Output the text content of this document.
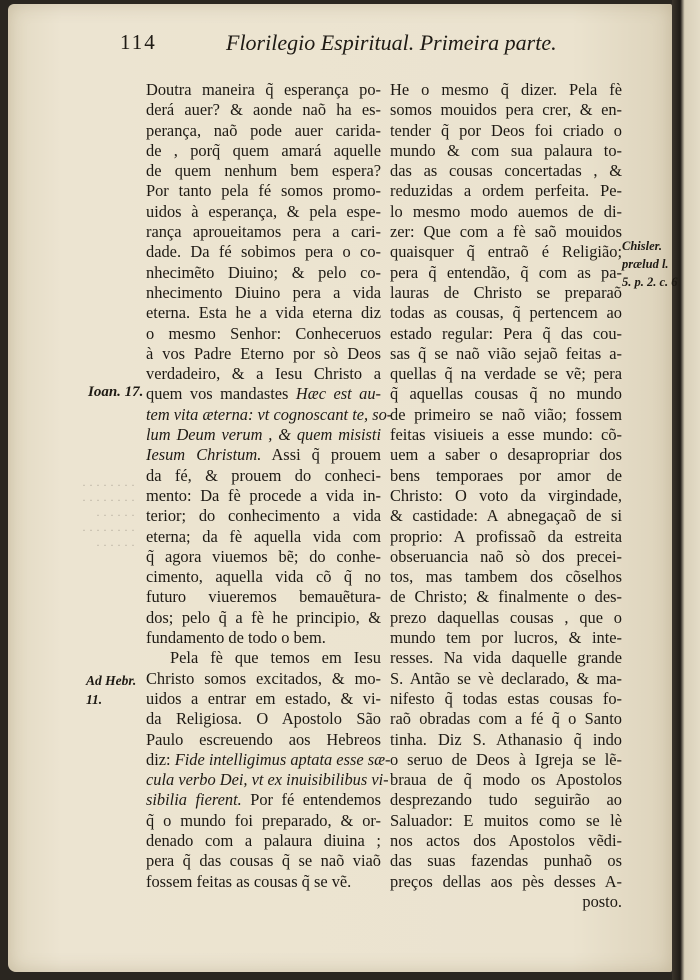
· · · · · · · ·
· · · · · · · ·
· · · · · ·
· · · · · · · ·
· · · · · ·
114	Florilegio Espiritual. Primeira parte.
Doutra maneira q̃ esperança po-
derá auer? & aonde naõ ha es-
perança, naõ pode auer carida-
de , porq̃ quem amará aquelle
de quem nenhum bem espera?
Por tanto pela fé somos promo-
uidos à esperança, & pela espe-
rança aproueitamos pera a cari-
dade. Da fé sobimos pera o co-
nhecimẽto Diuino; & pelo co-
nhecimento Diuino pera a vida
eterna. Esta he a vida eterna diz
o mesmo Senhor: Conheceruos
à vos Padre Eterno por sò Deos
verdadeiro, & a Iesu Christo a
quem vos mandastes Hæc est au-
tem vita æterna: vt cognoscant te, so-
lum Deum verum , & quem misisti
Iesum Christum. Assi q̃ prouem
da fé, & prouem do conheci-
mento: Da fè procede a vida in-
terior; do conhecimento a vida
eterna; da fè aquella vida com
q̃ agora viuemos bẽ; do conhe-
cimento, aquella vida cõ q̃ no
futuro viueremos bemauẽtura-
dos; pelo q̃ a fè he principio, &
fundamento de todo o bem.
Pela fè que temos em Iesu
Christo somos excitados, & mo-
uidos a entrar em estado, & vi-
da Religiosa. O Apostolo São
Paulo escreuendo aos Hebreos
diz: Fide intelligimus aptata esse sæ-
cula verbo Dei, vt ex inuisibilibus vi-
sibilia fierent. Por fé entendemos
q̃ o mundo foi preparado, & or-
denado com a palaura diuina ;
pera q̃ das cousas q̃ se naõ viaõ
fossem feitas as cousas q̃ se vẽ.
He o mesmo q̃ dizer. Pela fè
somos mouidos pera crer, & en-
tender q̃ por Deos foi criado o
mundo & com sua palaura to-
das as cousas concertadas , &
reduzidas a ordem perfeita. Pe-
lo mesmo modo auemos de di-
zer: Que com a fè saõ mouidos
quaisquer q̃ entraõ é Religião;
pera q̃ entendão, q̃ com as pa-
lauras de Christo se preparaõ
todas as cousas, q̃ pertencem ao
estado regular: Pera q̃ das cou-
sas q̃ se naõ vião sejaõ feitas a-
quellas q̃ na verdade se vẽ; pera
q̃ aquellas cousas q̃ no mundo
de primeiro se naõ vião; fossem
feitas visiueis a esse mundo: cõ-
uem a saber o desapropriar dos
bens temporaes por amor de
Christo: O voto da virgindade,
& castidade: A abnegaçaõ de si
proprio: A profissaõ da estreita
obseruancia naõ sò dos precei-
tos, mas tambem dos cõselhos
de Christo; & finalmente o des-
prezo daquellas cousas , que o
mundo tem por lucros, & inte-
resses. Na vida daquelle grande
S. Antão se vè declarado, & ma-
nifesto q̃ todas estas cousas fo-
raõ obradas com a fé q̃ o Santo
tinha. Diz S. Athanasio q̃ indo
o seruo de Deos à Igreja se lẽ-
braua de q̃ modo os Apostolos
desprezando tudo seguirão ao
Saluador: E muitos como se lè
nos actos dos Apostolos vẽdi-
das suas fazendas punhaõ os
preços dellas aos pès desses A-
posto.
Ioan. 17.
Ad Hebr.
11.
Chisler.
prælud l.
5. p. 2. c. 6
